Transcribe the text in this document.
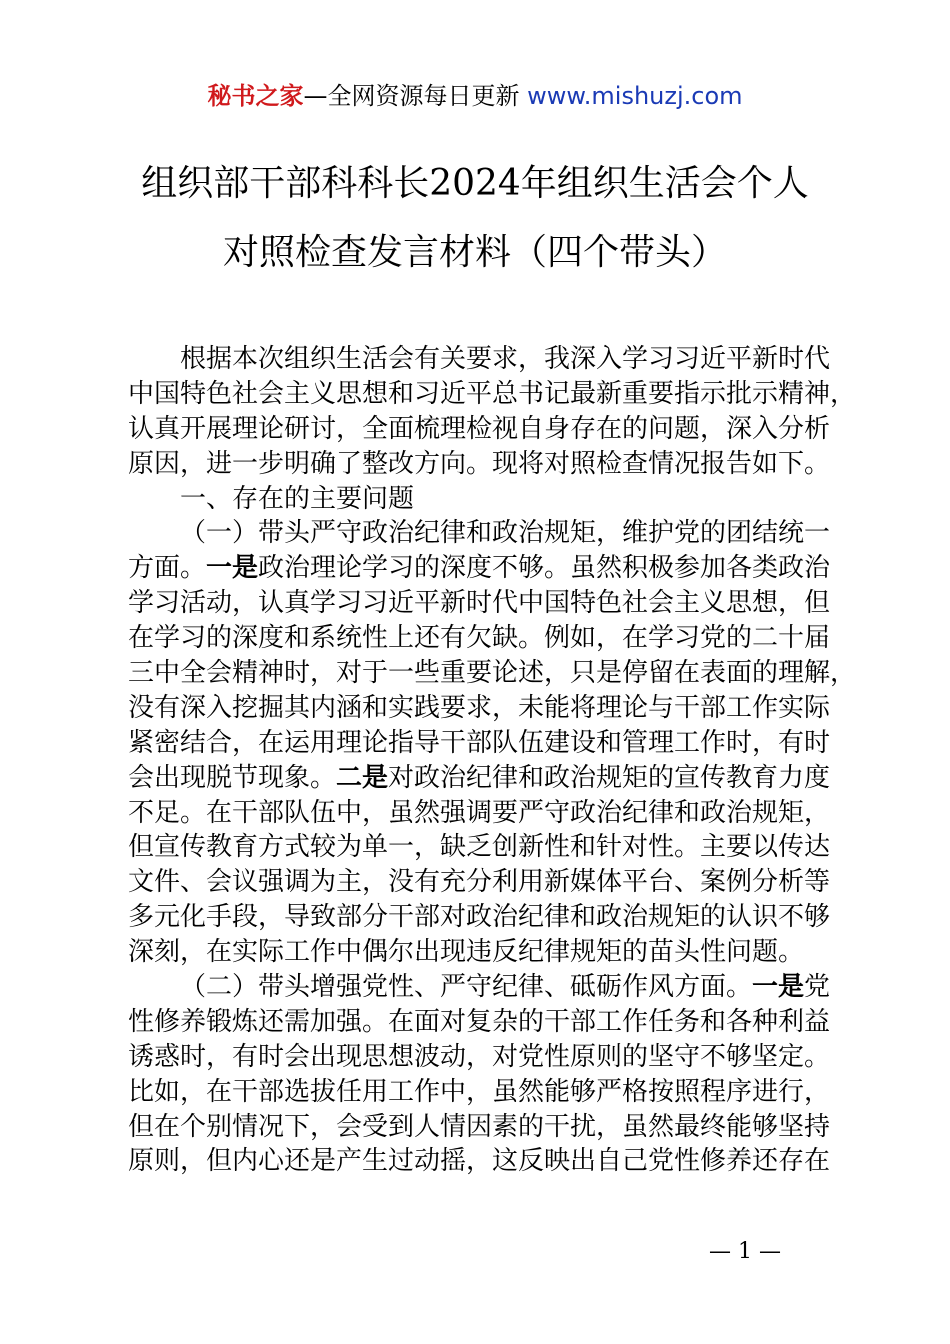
秘书之家—全网资源每日更新 www.mishuzj.com
组织部干部科科长2024年组织生活会个人
对照检查发言材料（四个带头）
根据本次组织生活会有关要求，我深入学习习近平新时代
中国特色社会主义思想和习近平总书记最新重要指示批示精神，
认真开展理论研讨，全面梳理检视自身存在的问题，深入分析
原因，进一步明确了整改方向。现将对照检查情况报告如下。
一、存在的主要问题
（一）带头严守政治纪律和政治规矩，维护党的团结统一
方面。一是政治理论学习的深度不够。虽然积极参加各类政治
学习活动，认真学习习近平新时代中国特色社会主义思想，但
在学习的深度和系统性上还有欠缺。例如，在学习党的二十届
三中全会精神时，对于一些重要论述，只是停留在表面的理解，
没有深入挖掘其内涵和实践要求，未能将理论与干部工作实际
紧密结合，在运用理论指导干部队伍建设和管理工作时，有时
会出现脱节现象。二是对政治纪律和政治规矩的宣传教育力度
不足。在干部队伍中，虽然强调要严守政治纪律和政治规矩，
但宣传教育方式较为单一，缺乏创新性和针对性。主要以传达
文件、会议强调为主，没有充分利用新媒体平台、案例分析等
多元化手段，导致部分干部对政治纪律和政治规矩的认识不够
深刻，在实际工作中偶尔出现违反纪律规矩的苗头性问题。
（二）带头增强党性、严守纪律、砥砺作风方面。一是党
性修养锻炼还需加强。在面对复杂的干部工作任务和各种利益
诱惑时，有时会出现思想波动，对党性原则的坚守不够坚定。
比如，在干部选拔任用工作中，虽然能够严格按照程序进行，
但在个别情况下，会受到人情因素的干扰，虽然最终能够坚持
原则，但内心还是产生过动摇，这反映出自己党性修养还存在
— 1 —
